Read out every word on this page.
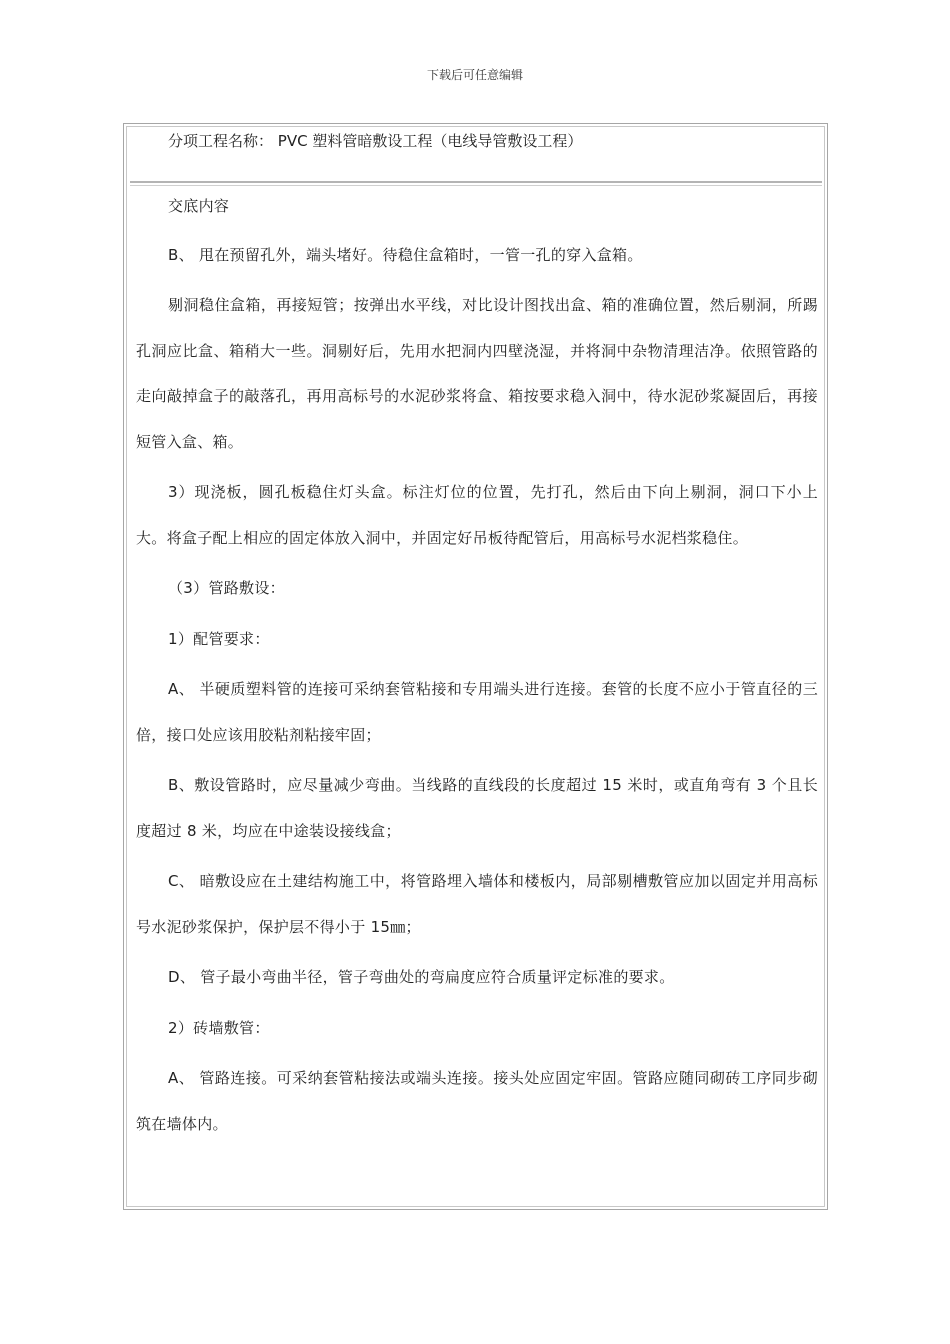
下载后可任意编辑
分项工程名称： PVC 塑料管暗敷设工程（电线导管敷设工程）

交底内容

B、 甩在预留孔外，端头堵好。待稳住盒箱时，一管一孔的穿入盒箱。

剔洞稳住盒箱，再接短管；按弹出水平线，对比设计图找出盒、箱的准确位置，然后剔洞，所踢孔洞应比盒、箱稍大一些。洞剔好后，先用水把洞内四壁浇湿，并将洞中杂物清理洁净。依照管路的走向敲掉盒子的敲落孔，再用高标号的水泥砂浆将盒、箱按要求稳入洞中，待水泥砂浆凝固后，再接短管入盒、箱。

3）现浇板，圆孔板稳住灯头盒。标注灯位的位置，先打孔，然后由下向上剔洞，洞口下小上大。将盒子配上相应的固定体放入洞中，并固定好吊板待配管后，用高标号水泥档浆稳住。

（3）管路敷设：

1）配管要求：

A、 半硬质塑料管的连接可采纳套管粘接和专用端头进行连接。套管的长度不应小于管直径的三倍，接口处应该用胶粘剂粘接牢固；

B、敷设管路时，应尽量减少弯曲。当线路的直线段的长度超过 15 米时，或直角弯有 3 个且长度超过 8 米，均应在中途装设接线盒；

C、 暗敷设应在土建结构施工中，将管路埋入墙体和楼板内，局部剔槽敷管应加以固定并用高标号水泥砂浆保护，保护层不得小于 15㎜；

D、 管子最小弯曲半径，管子弯曲处的弯扁度应符合质量评定标准的要求。

2）砖墙敷管：

A、 管路连接。可采纳套管粘接法或端头连接。接头处应固定牢固。管路应随同砌砖工序同步砌筑在墙体内。
